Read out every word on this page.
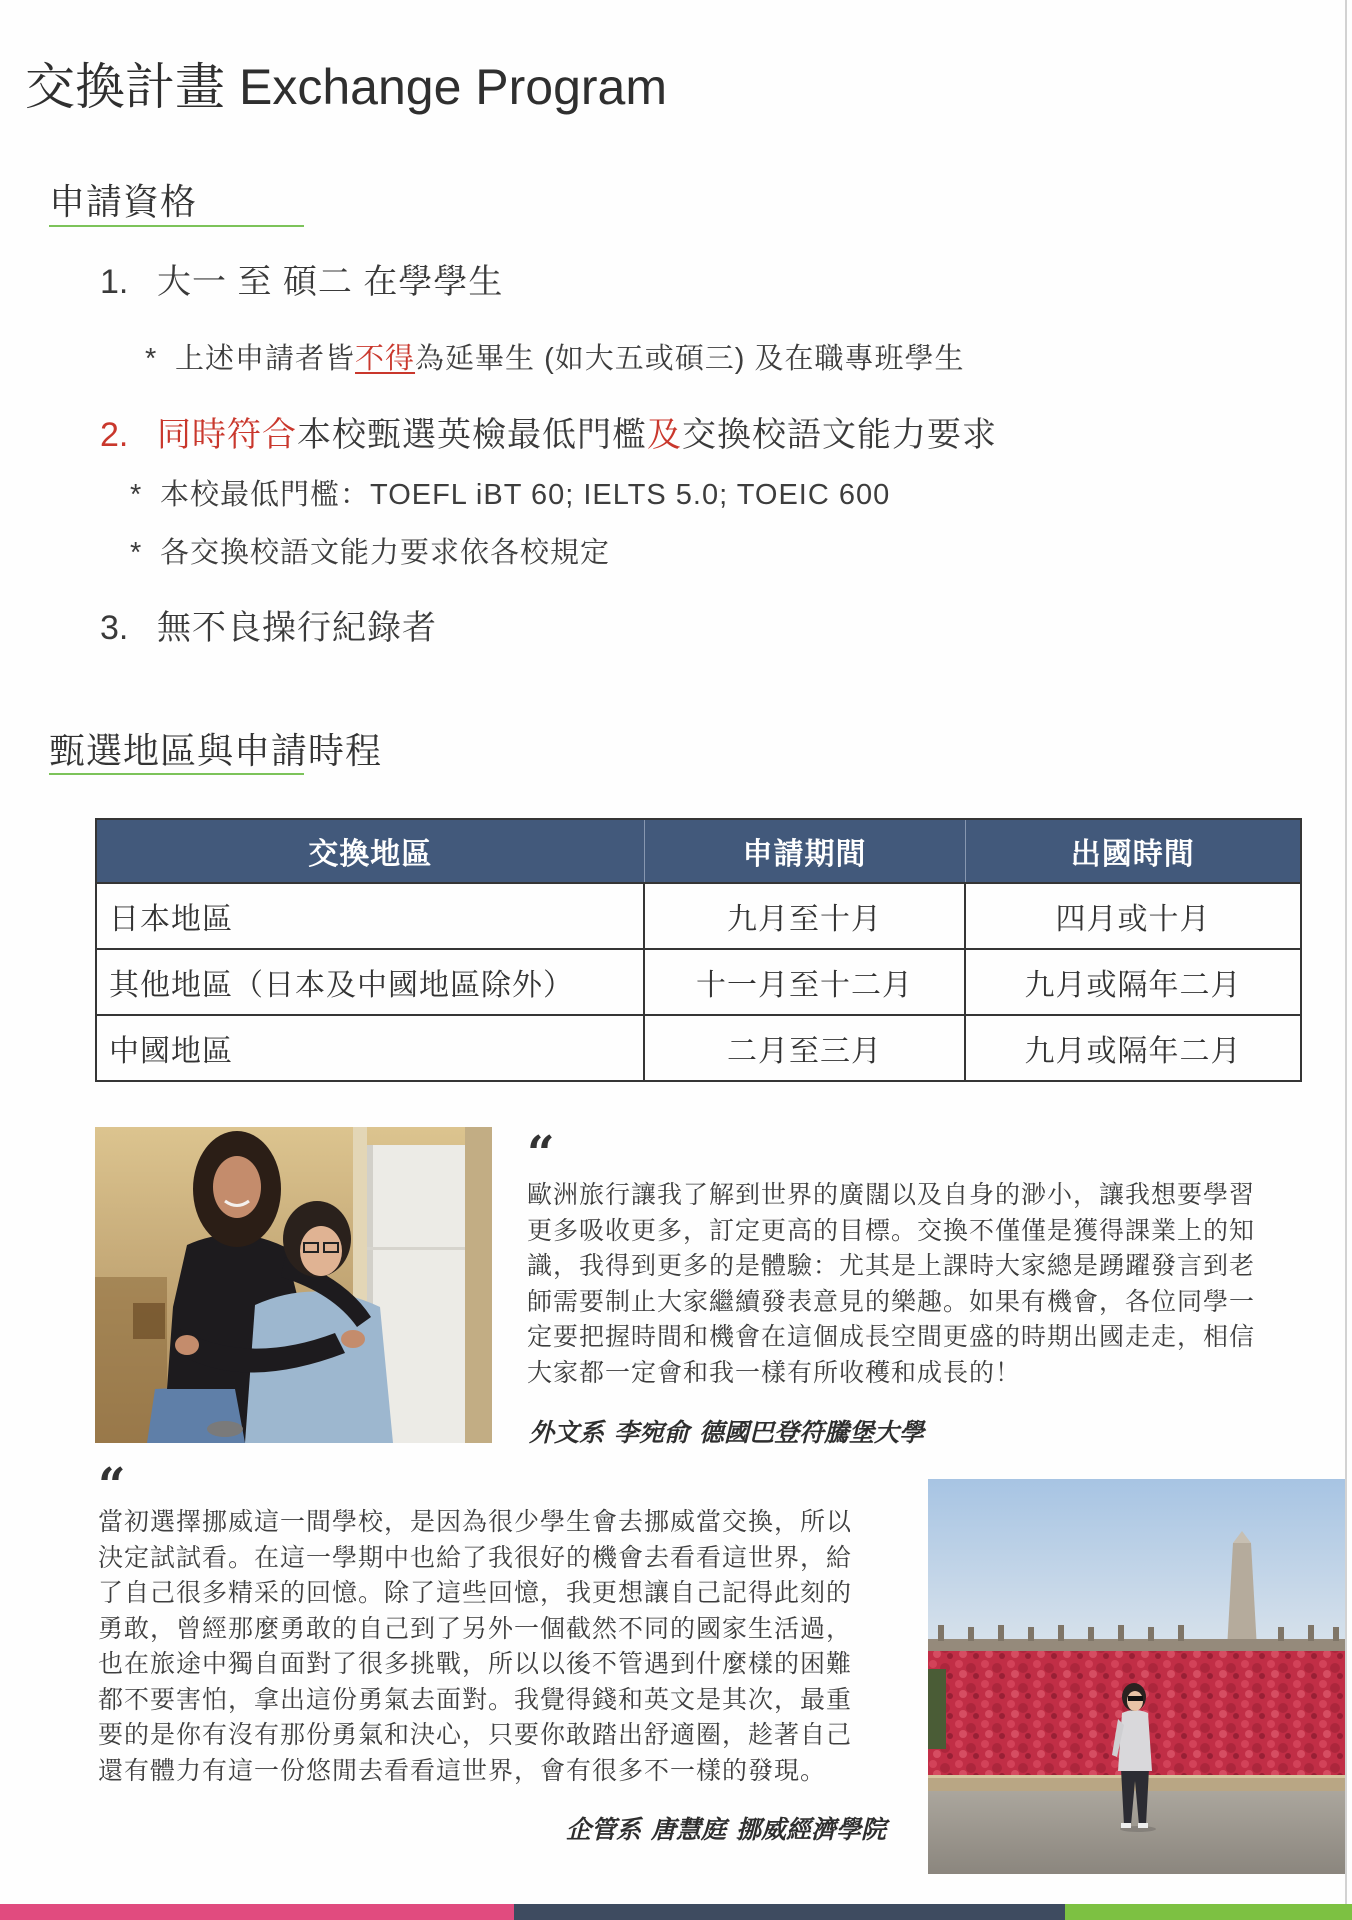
交換計畫 Exchange Program
申請資格
1. 大一 至 碩二 在學學生
* 上述申請者皆不得為延畢生 (如大五或碩三) 及在職專班學生
2. 同時符合本校甄選英檢最低門檻及交換校語文能力要求
* 本校最低門檻：TOEFL iBT 60; IELTS 5.0; TOEIC 600
* 各交換校語文能力要求依各校規定
3. 無不良操行紀錄者
甄選地區與申請時程
交換地區	申請期間	出國時間
日本地區	九月至十月	四月或十月
其他地區（日本及中國地區除外）	十一月至十二月	九月或隔年二月
中國地區	二月至三月	九月或隔年二月
“
歐洲旅行讓我了解到世界的廣闊以及自身的渺小，讓我想要學習
更多吸收更多，訂定更高的目標。交換不僅僅是獲得課業上的知
識，我得到更多的是體驗：尤其是上課時大家總是踴躍發言到老
師需要制止大家繼續發表意見的樂趣。如果有機會，各位同學一
定要把握時間和機會在這個成長空間更盛的時期出國走走，相信
大家都一定會和我一樣有所收穫和成長的！
外文系 李宛俞 德國巴登符騰堡大學
“
當初選擇挪威這一間學校，是因為很少學生會去挪威當交換，所以
決定試試看。在這一學期中也給了我很好的機會去看看這世界，給
了自己很多精采的回憶。除了這些回憶，我更想讓自己記得此刻的
勇敢，曾經那麼勇敢的自己到了另外一個截然不同的國家生活過，
也在旅途中獨自面對了很多挑戰，所以以後不管遇到什麼樣的困難
都不要害怕，拿出這份勇氣去面對。我覺得錢和英文是其次，最重
要的是你有沒有那份勇氣和決心，只要你敢踏出舒適圈，趁著自己
還有體力有這一份悠閒去看看這世界，會有很多不一樣的發現。
企管系 唐慧庭 挪威經濟學院
